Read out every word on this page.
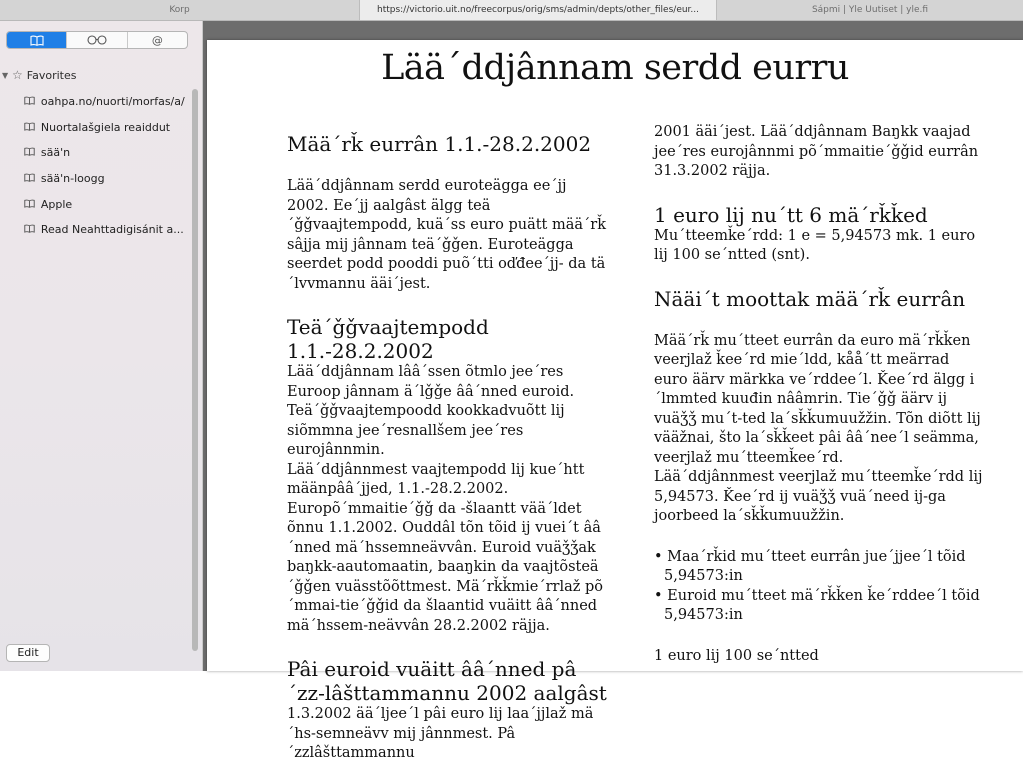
Korp	https://victorio.uit.no/freecorpus/orig/sms/admin/depts/other_files/eur...	Sápmi | Yle Uutiset | yle.fi
@
▼ ☆ Favorites
oahpa.no/nuorti/morfas/a/
Nuortalašgiela reaiddut
sää'n
sää'n-loogg
Apple
Read Neahttadigisánit a...
Edit
Lää´ddjânnam serdd eurru
Mää´rǩ eurrân 1.1.-28.2.2002

Lää´ddjânnam serdd euroteägga ee´jj 2002. Ee´jj aalgâst älgg teä´ǧǧvaajtempodd, kuä´ss euro puätt mää´rǩ sâjja mij jânnam teä´ǧǧen. Euroteägga seerdet podd pooddi puõ´tti oďđee´jj- da tä´lvvmannu ääi´jest.

Teä´ǧǧvaajtempodd 1.1.-28.2.2002

Lää´ddjânnam lââ´ssen õtmlo jee´res Euroop jânnam ä´lǧǧe ââ´nned euroid.

Teä´ǧǧvaajtempoodd kookkadvuõtt lij siõmmna jee´resnallšem jee´res eurojânnmin.

Lää´ddjânnmest vaajtempodd lij kue´htt määnpââ´jjed, 1.1.-28.2.2002.

Europõ´mmaitie´ǧǧ da -šlaantt vää´ldet õnnu 1.1.2002. Ouddâl tõn tõid ij vuei´t ââ´nned mä´hssemneävvân. Euroid vuäǯǯak baŋkk-aautomaatin, baaŋkin da vaajtõsteä´ǧǧen vuässtõõttmest. Mä´rǩǩmie´rrlaž põ´mmai-tie´ǧǧid da šlaantid vuäitt ââ´nned mä´hssem-neävvân 28.2.2002 räjja.

Pâi euroid vuäitt ââ´nned pâ´zz-lâšttammannu 2002 aalgâst

1.3.2002 ää´ljee´l pâi euro lij laa´jjlaž mä´hs-semneävv mij jânnmest. Pâ´zzlâšttammannu

2001 ääi´jest. Lää´ddjânnam Baŋkk vaajad jee´res eurojânnmi põ´mmaitie´ǧǧid eurrân 31.3.2002 räjja.

1 euro lij nu´tt 6 mä´rǩǩed

Mu´tteemǩe´rdd: 1 e = 5,94573 mk. 1 euro lij 100 se´ntted (snt).

Nääi´t moottak mää´rǩ eurrân

Mää´rǩ mu´tteet eurrân da euro mä´rǩǩen veerjlaž ǩee´rd mie´ldd, kåå´tt meärrad euro äärv märkka ve´rddee´l. Ǩee´rd älgg i´lmmted kuuđin nââmrin. Tie´ǧǧ äärv ij vuäǯǯ mu´t-ted la´sǩǩumuužžin. Tõn diõtt lij vääžnai, što la´sǩǩeet pâi ââ´nee´l seämma, veerjlaž mu´tteemǩee´rd.

Lää´ddjânnmest veerjlaž mu´tteemǩe´rdd lij 5,94573. Ǩee´rd ij vuäǯǯ vuä´need ij-ga joorbeed la´sǩǩumuužžin.

• Maa´rǩid mu´tteet eurrân jue´jjee´l tõid 5,94573:in
• Euroid mu´tteet mä´rǩǩen ǩe´rddee´l tõid 5,94573:in

1 euro lij 100 se´ntted
